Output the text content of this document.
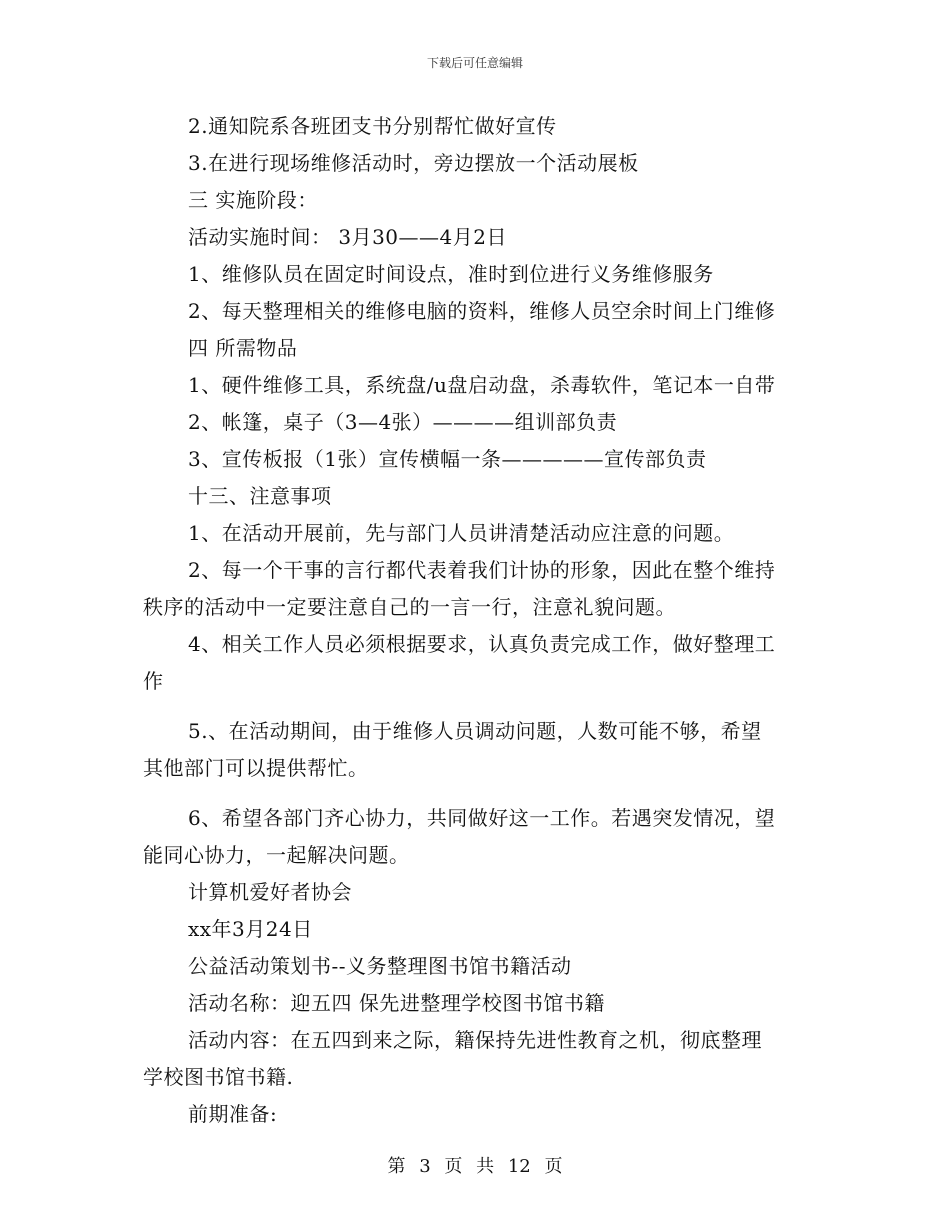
下载后可任意编辑
2.通知院系各班团支书分别帮忙做好宣传
3.在进行现场维修活动时，旁边摆放一个活动展板
三 实施阶段：
活动实施时间： 3月30——4月2日
1、维修队员在固定时间设点，准时到位进行义务维修服务
2、每天整理相关的维修电脑的资料，维修人员空余时间上门维修
四 所需物品
1、硬件维修工具，系统盘/u盘启动盘，杀毒软件，笔记本一自带
2、帐篷，桌子（3—4张）————组训部负责
3、宣传板报（1张）宣传横幅一条—————宣传部负责
十三、注意事项
1、在活动开展前，先与部门人员讲清楚活动应注意的问题。
2、每一个干事的言行都代表着我们计协的形象，因此在整个维持
秩序的活动中一定要注意自己的一言一行，注意礼貌问题。
4、相关工作人员必须根据要求，认真负责完成工作，做好整理工
作
5.、在活动期间，由于维修人员调动问题，人数可能不够，希望
其他部门可以提供帮忙。
6、希望各部门齐心协力，共同做好这一工作。若遇突发情况，望
能同心协力，一起解决问题。
计算机爱好者协会
xx年3月24日
公益活动策划书--义务整理图书馆书籍活动
活动名称：迎五四 保先进整理学校图书馆书籍
活动内容：在五四到来之际，籍保持先进性教育之机，彻底整理
学校图书馆书籍.
前期准备:
第 3 页 共 12 页
